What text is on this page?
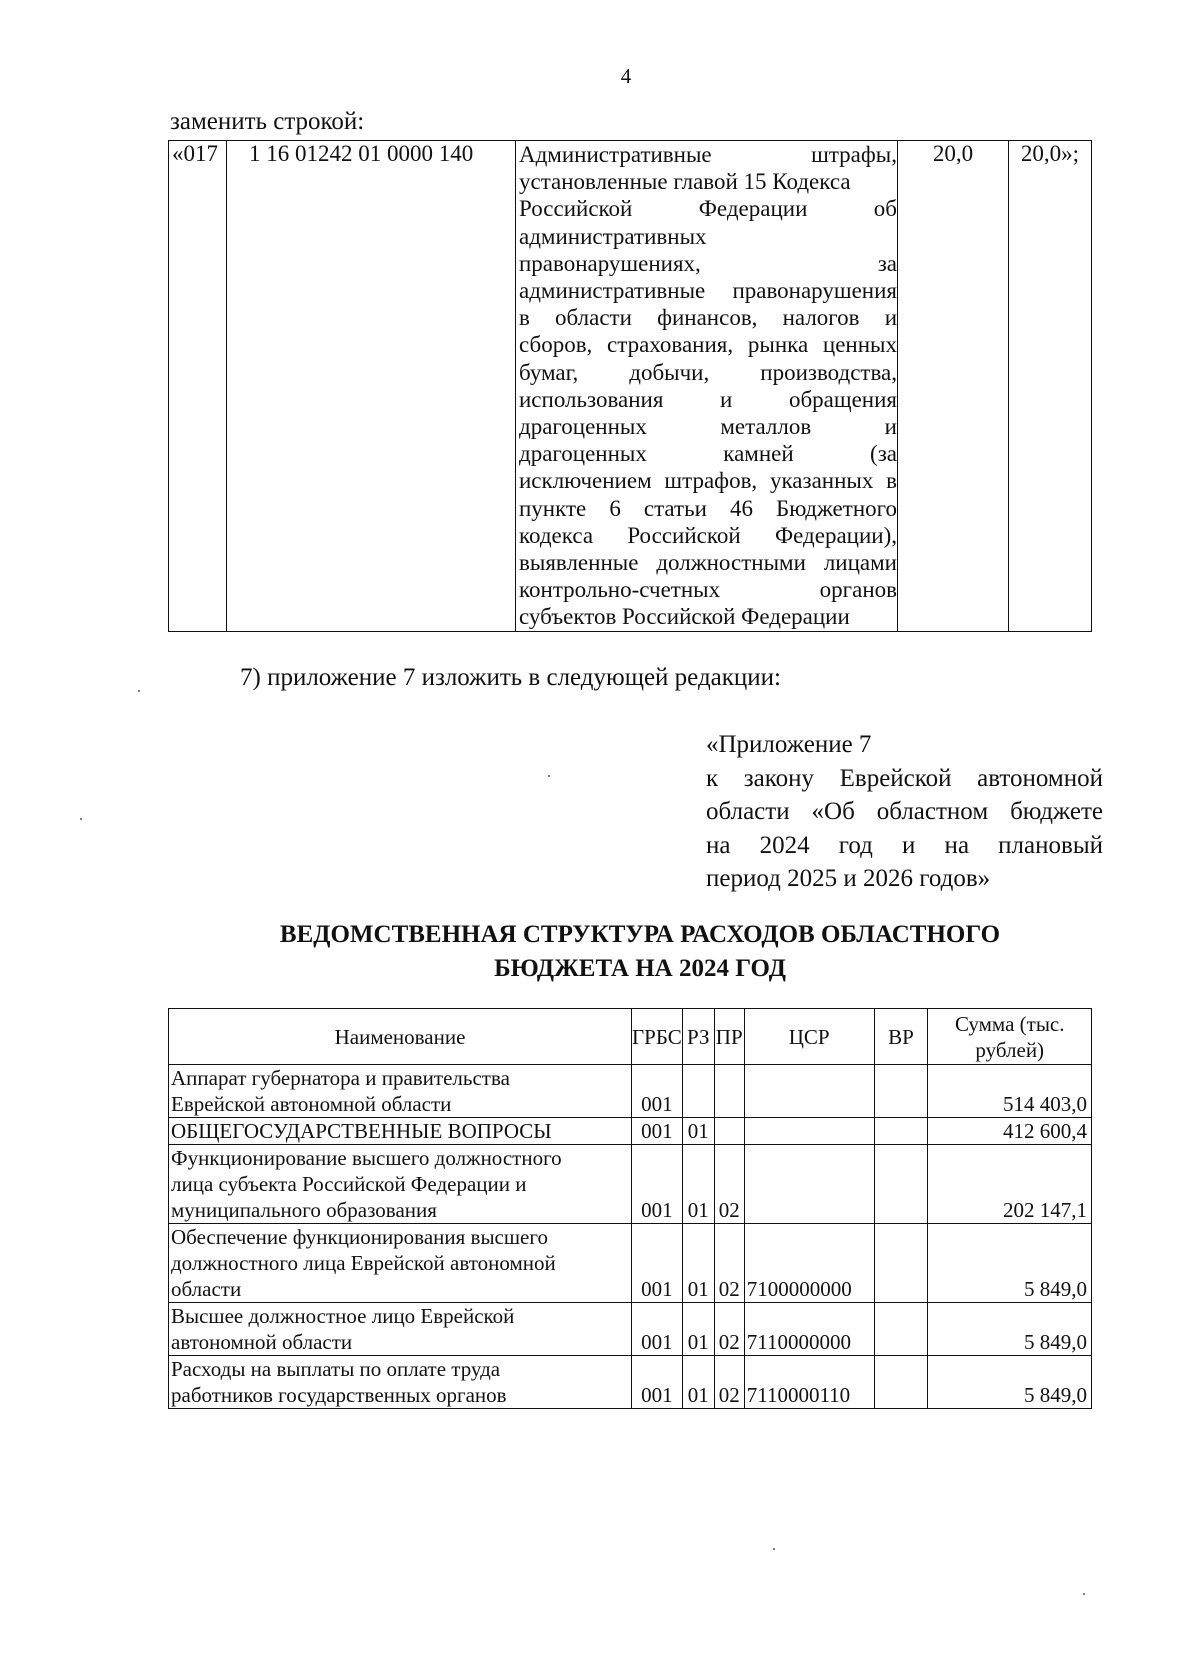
4
заменить строкой:
«017	1 16 01242 01 0000 140	Административные штрафы,
установленные главой 15 Кодекса
Российской Федерации об
административных
правонарушениях, за
административные правонарушения
в области финансов, налогов и
сборов, страхования, рынка ценных
бумаг, добычи, производства,
использования и обращения
драгоценных металлов и
драгоценных камней (за
исключением штрафов, указанных в
пункте 6 статьи 46 Бюджетного
кодекса Российской Федерации),
выявленные должностными лицами
контрольно-счетных органов
субъектов Российской Федерации
	20,0	20,0»;
7) приложение 7 изложить в следующей редакции:
«Приложение 7
к закону Еврейской автономной
области «Об областном бюджете
на 2024 год и на плановый
период 2025 и 2026 годов»
ВЕДОМСТВЕННАЯ СТРУКТУРА РАСХОДОВ ОБЛАСТНОГО
БЮДЖЕТА НА 2024 ГОД
Наименование	ГРБС	РЗ	ПР	ЦСР	ВР	Сумма (тыс.
рублей)

Аппарат губернатора и правительства
Еврейской автономной области	001					514 403,0

ОБЩЕГОСУДАРСТВЕННЫЕ ВОПРОСЫ	001	01				412 600,4

Функционирование высшего должностного
лица субъекта Российской Федерации и
муниципального образования	001	01	02			202 147,1

Обеспечение функционирования высшего
должностного лица Еврейской автономной
области	001	01	02	7100000000		5 849,0

Высшее должностное лицо Еврейской
автономной области	001	01	02	7110000000		5 849,0

Расходы на выплаты по оплате труда
работников государственных органов	001	01	02	7110000110		5 849,0
